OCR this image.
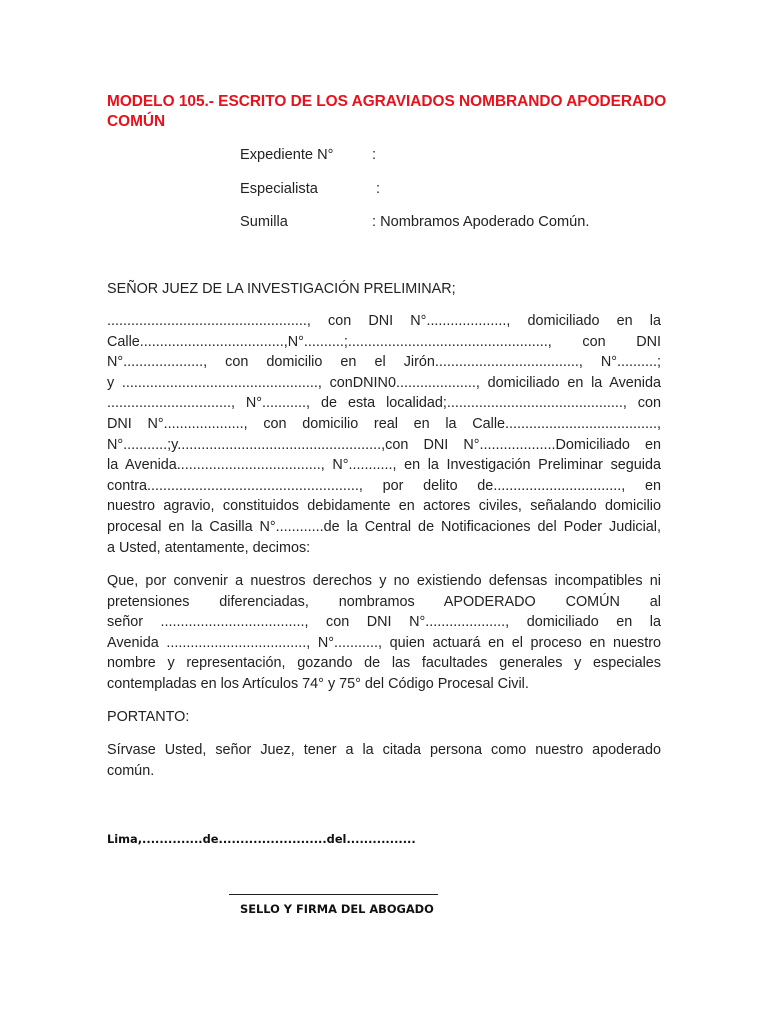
MODELO 105.- ESCRITO DE LOS AGRAVIADOS NOMBRANDO APODERADO COMÚN
Expediente N°	:
Especialista	:
Sumilla	: Nombramos Apoderado Común.
SEÑOR JUEZ DE LA INVESTIGACIÓN PRELIMINAR;
.................................................., con DNI N°...................., domiciliado en la
Calle....................................,N°..........;.................................................., con DNI
N°...................., con domicilio en el Jirón...................................., N°..........;
y ................................................., conDNIN0...................., domiciliado en la Avenida
..............................., N°..........., de esta localidad;............................................, con
DNI N°...................., con domicilio real en la Calle......................................,
N°...........;y...................................................,con DNI N°...................Domiciliado en
la Avenida...................................., N°..........., en la Investigación Preliminar seguida
contra....................................................., por delito de................................, en
nuestro agravio, constituidos debidamente en actores civiles, señalando domicilio
procesal en la Casilla N°............de la Central de Notificaciones del Poder Judicial,
a Usted, atentamente, decimos:
Que, por convenir a nuestros derechos y no existiendo defensas incompatibles ni
pretensiones diferenciadas, nombramos APODERADO COMÚN al
señor ...................................., con DNI N°...................., domiciliado en la
Avenida ..................................., N°..........., quien actuará en el proceso en nuestro
nombre y representación, gozando de las facultades generales y especiales
contempladas en los Artículos 74° y 75° del Código Procesal Civil.
PORTANTO:
Sírvase Usted, señor Juez, tener a la citada persona como nuestro apoderado
común.
Lima,..............de.........................del................
SELLO Y FIRMA DEL ABOGADO
